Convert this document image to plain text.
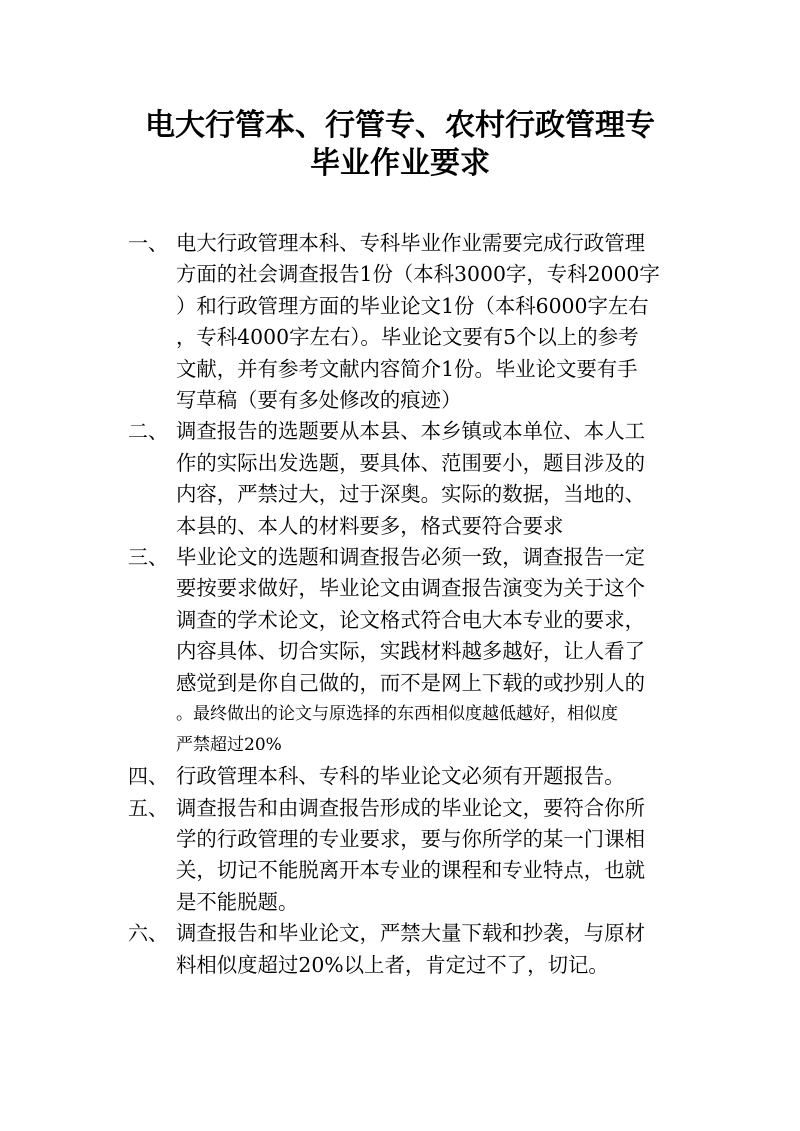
电大行管本、行管专、农村行政管理专
毕业作业要求
一、 电大行政管理本科、专科毕业作业需要完成行政管理
方面的社会调查报告1份（本科3000字，专科2000字
）和行政管理方面的毕业论文1份（本科6000字左右
，专科4000字左右）。毕业论文要有5个以上的参考
文献，并有参考文献内容简介1份。毕业论文要有手
写草稿（要有多处修改的痕迹）
二、 调查报告的选题要从本县、本乡镇或本单位、本人工
作的实际出发选题，要具体、范围要小，题目涉及的
内容，严禁过大，过于深奥。实际的数据，当地的、
本县的、本人的材料要多，格式要符合要求
三、 毕业论文的选题和调查报告必须一致，调查报告一定
要按要求做好，毕业论文由调查报告演变为关于这个
调查的学术论文，论文格式符合电大本专业的要求，
内容具体、切合实际，实践材料越多越好，让人看了
感觉到是你自己做的，而不是网上下载的或抄别人的
。最终做出的论文与原选择的东西相似度越低越好，相似度
严禁超过20%
四、 行政管理本科、专科的毕业论文必须有开题报告。
五、 调查报告和由调查报告形成的毕业论文，要符合你所
学的行政管理的专业要求，要与你所学的某一门课相
关，切记不能脱离开本专业的课程和专业特点，也就
是不能脱题。
六、 调查报告和毕业论文，严禁大量下载和抄袭，与原材
料相似度超过20%以上者，肯定过不了，切记。
